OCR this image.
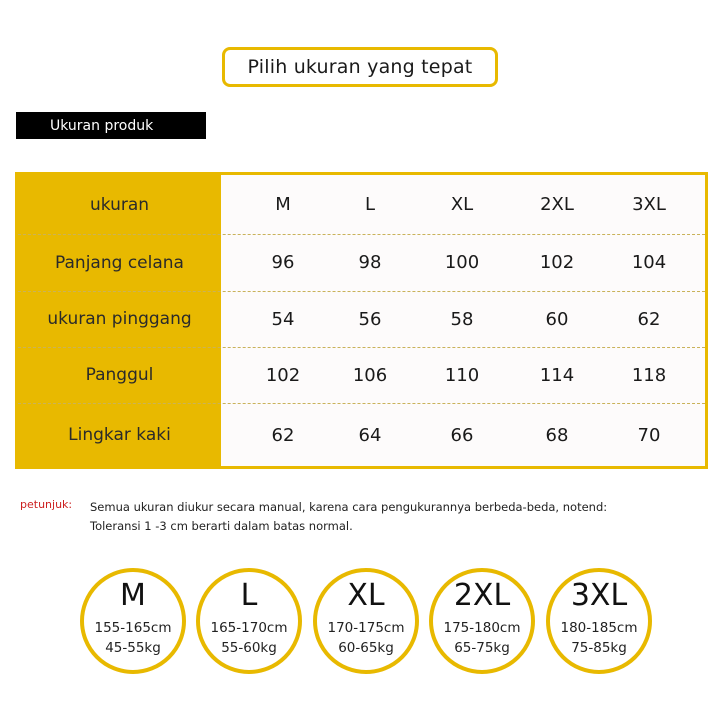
Pilih ukuran yang tepat
Ukuran produk
ukuran	M	L	XL	2XL	3XL
Panjang celana	96	98	100	102	104
ukuran pinggang	54	56	58	60	62
Panggul	102	106	110	114	118
Lingkar kaki	62	64	66	68	70
petunjuk: Semua ukuran diukur secara manual, karena cara pengukurannya berbeda-beda, notend:
Toleransi 1 -3 cm berarti dalam batas normal.
M
155-165cm
45-55kg
L
165-170cm
55-60kg
XL
170-175cm
60-65kg
2XL
175-180cm
65-75kg
3XL
180-185cm
75-85kg
